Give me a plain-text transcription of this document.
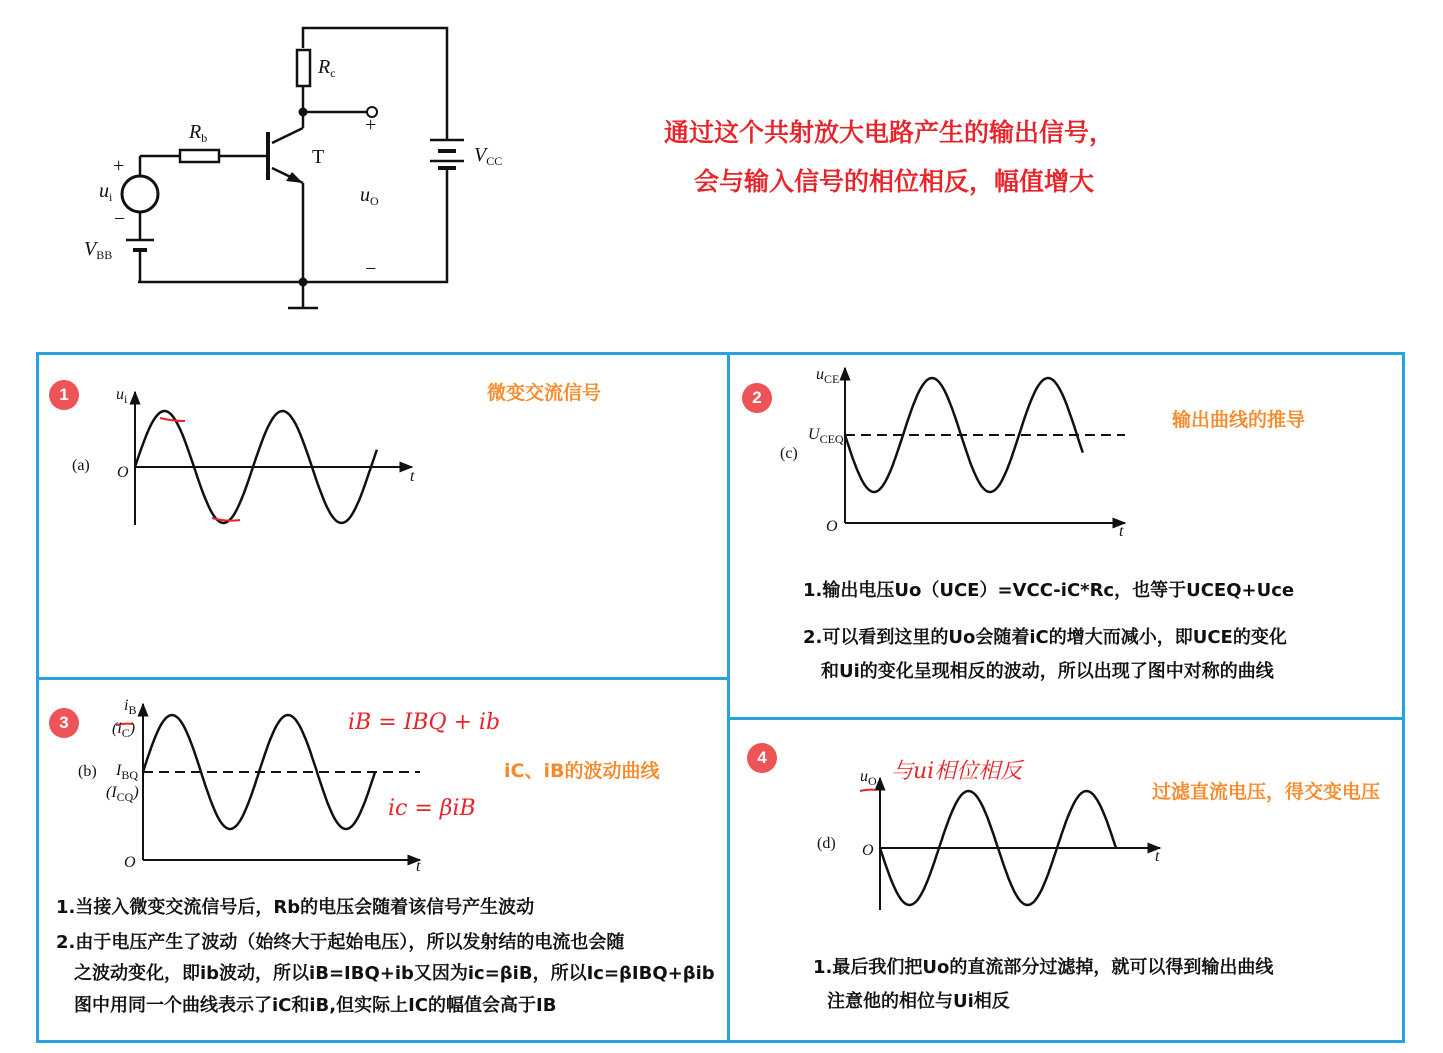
$R_c$
$R_b$
T	$V_{CC}$
$u_i$
$V_{BB}$
$u_O$
+
−
+
−
通过这个共射放大电路产生的输出信号，
会与输入信号的相位相反，幅值增大
1	微变交流信号
(a)
$u_i$
O	t
2
输出曲线的推导
(c)
$u_{CE}$
$U_{CEQ}$
O	t
1.输出电压Uo（UCE）=VCC-iC*Rc，也等于UCEQ+Uce
2.可以看到这里的Uo会随着iC的增大而减小，即UCE的变化
和Ui的变化呈现相反的波动，所以出现了图中对称的曲线
3
iC、iB的波动曲线
(b)
$i_B$
$(i_C)$
$I_{BQ}$
$(I_{CQ})$
O	t
iB = IBQ + ib
ic = βiB
1.当接入微变交流信号后，Rb的电压会随着该信号产生波动
2.由于电压产生了波动（始终大于起始电压），所以发射结的电流也会随
之波动变化，即ib波动，所以iB=IBQ+ib又因为ic=βiB，所以Ic=βIBQ+βib
图中用同一个曲线表示了iC和iB,但实际上IC的幅值会高于IB
4
过滤直流电压，得交变电压
(d)
$u_O$
O	t
与ui相位相反
1.最后我们把Uo的直流部分过滤掉，就可以得到输出曲线
注意他的相位与Ui相反
